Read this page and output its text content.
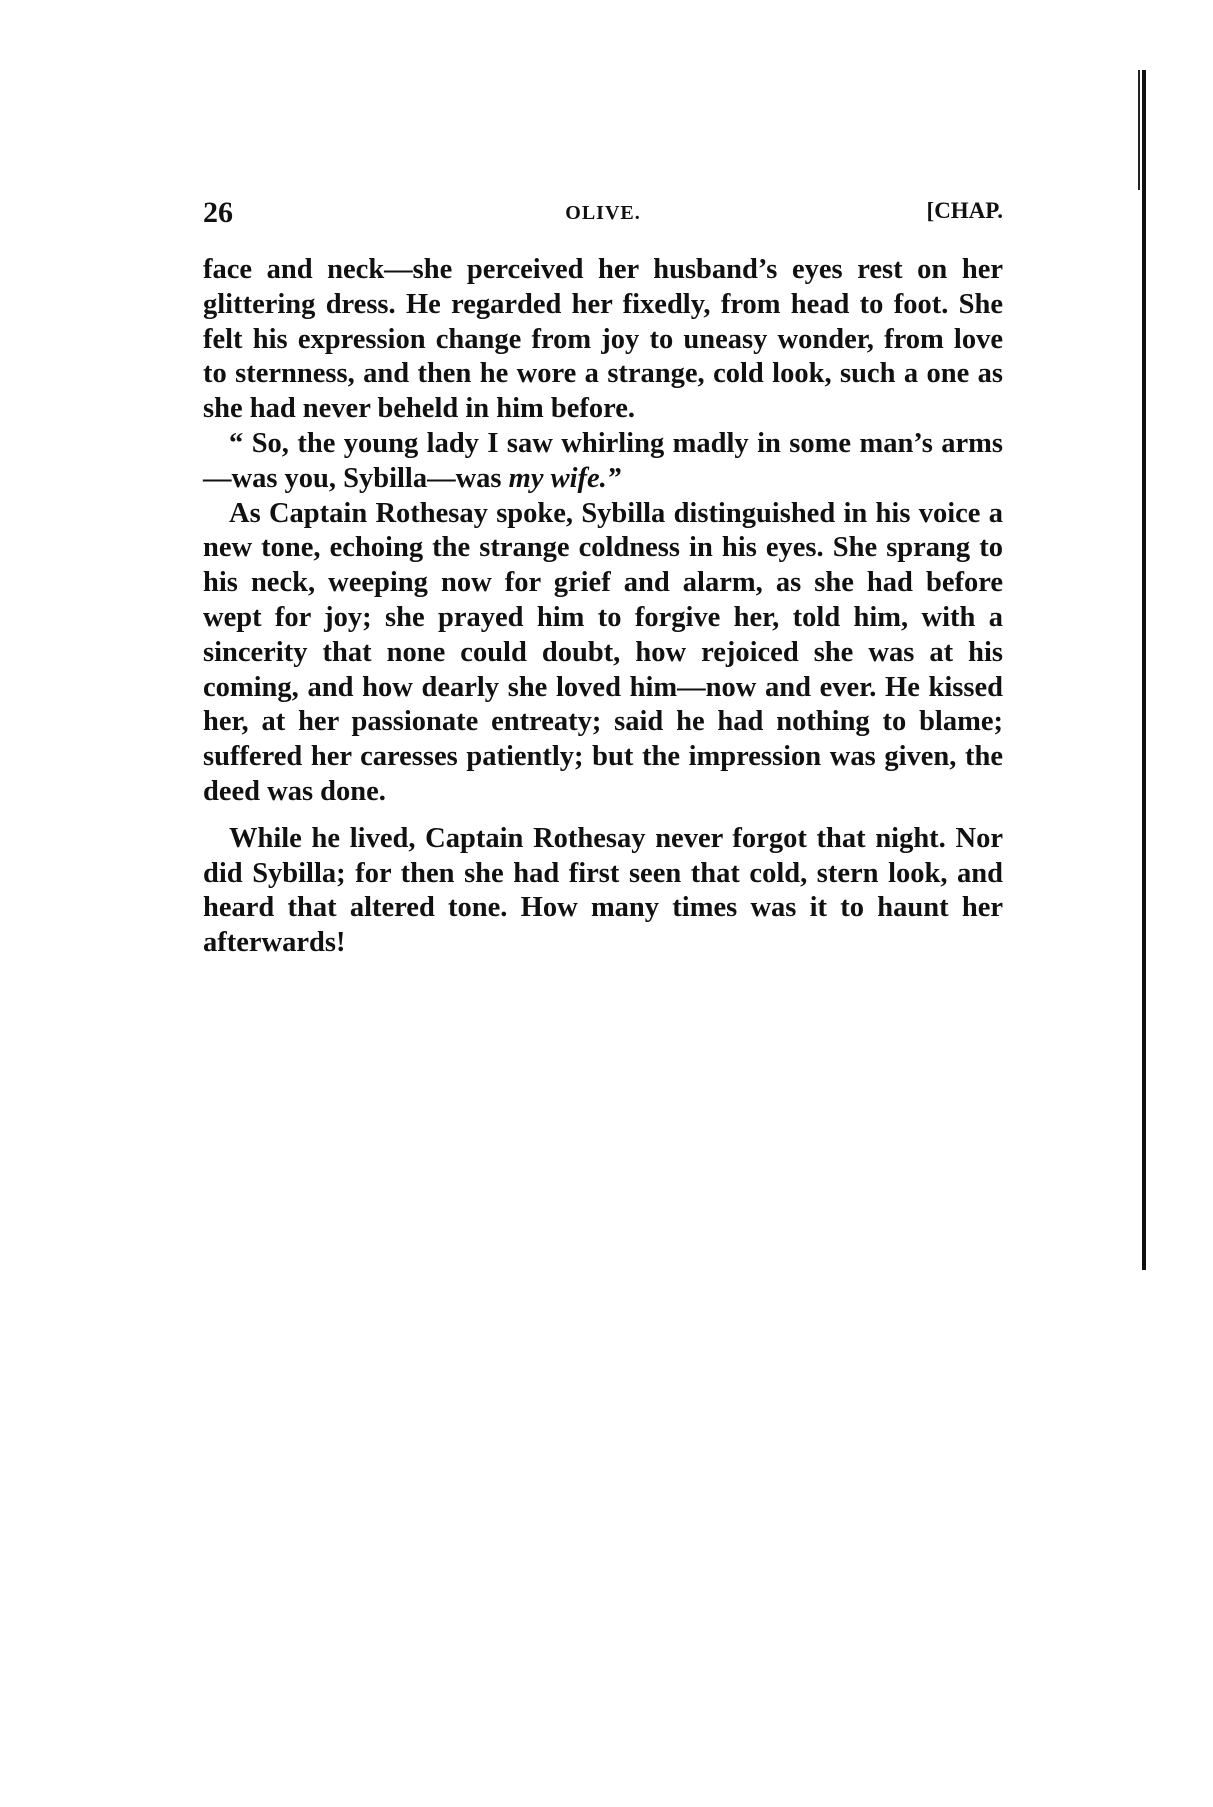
26	OLIVE.	[CHAP.

face and neck—she perceived her husband’s eyes rest on her glittering dress. He regarded her fixedly, from head to foot. She felt his expression change from joy to uneasy wonder, from love to sternness, and then he wore a strange, cold look, such a one as she had never beheld in him before.

“ So, the young lady I saw whirling madly in some man’s arms—was you, Sybilla—was my wife.”

As Captain Rothesay spoke, Sybilla distinguished in his voice a new tone, echoing the strange coldness in his eyes. She sprang to his neck, weeping now for grief and alarm, as she had before wept for joy; she prayed him to forgive her, told him, with a sincerity that none could doubt, how rejoiced she was at his coming, and how dearly she loved him—now and ever. He kissed her, at her passionate entreaty; said he had nothing to blame; suffered her caresses patiently; but the impression was given, the deed was done.

While he lived, Captain Rothesay never forgot that night. Nor did Sybilla; for then she had first seen that cold, stern look, and heard that altered tone. How many times was it to haunt her afterwards!
